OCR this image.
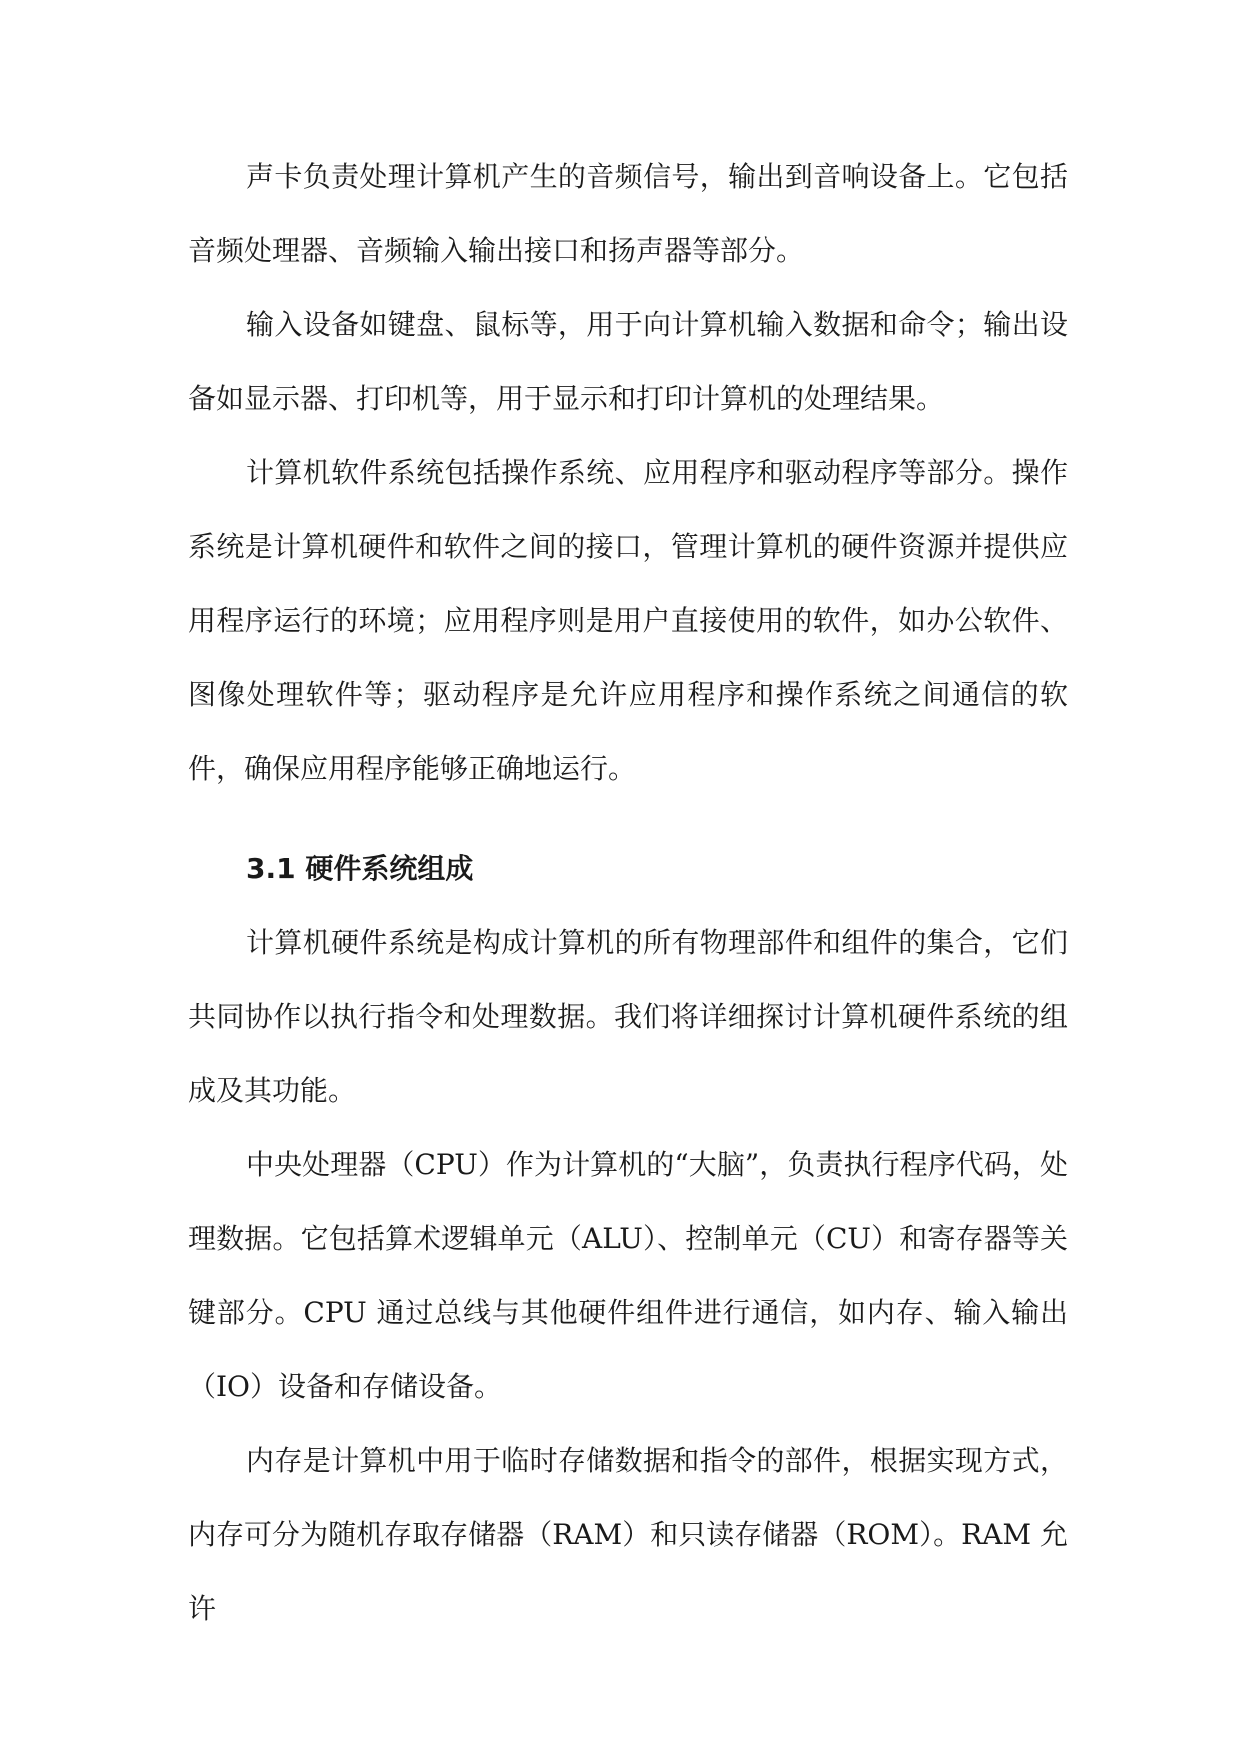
声卡负责处理计算机产生的音频信号，输出到音响设备上。它包括音频处理器、音频输入输出接口和扬声器等部分。

输入设备如键盘、鼠标等，用于向计算机输入数据和命令；输出设备如显示器、打印机等，用于显示和打印计算机的处理结果。

计算机软件系统包括操作系统、应用程序和驱动程序等部分。操作系统是计算机硬件和软件之间的接口，管理计算机的硬件资源并提供应用程序运行的环境；应用程序则是用户直接使用的软件，如办公软件、图像处理软件等；驱动程序是允许应用程序和操作系统之间通信的软件，确保应用程序能够正确地运行。

3.1 硬件系统组成

计算机硬件系统是构成计算机的所有物理部件和组件的集合，它们共同协作以执行指令和处理数据。我们将详细探讨计算机硬件系统的组成及其功能。

中央处理器（CPU）作为计算机的“大脑”，负责执行程序代码，处理数据。它包括算术逻辑单元（ALU）、控制单元（CU）和寄存器等关键部分。CPU 通过总线与其他硬件组件进行通信，如内存、输入输出（IO）设备和存储设备。

内存是计算机中用于临时存储数据和指令的部件，根据实现方式，内存可分为随机存取存储器（RAM）和只读存储器（ROM）。RAM 允许
